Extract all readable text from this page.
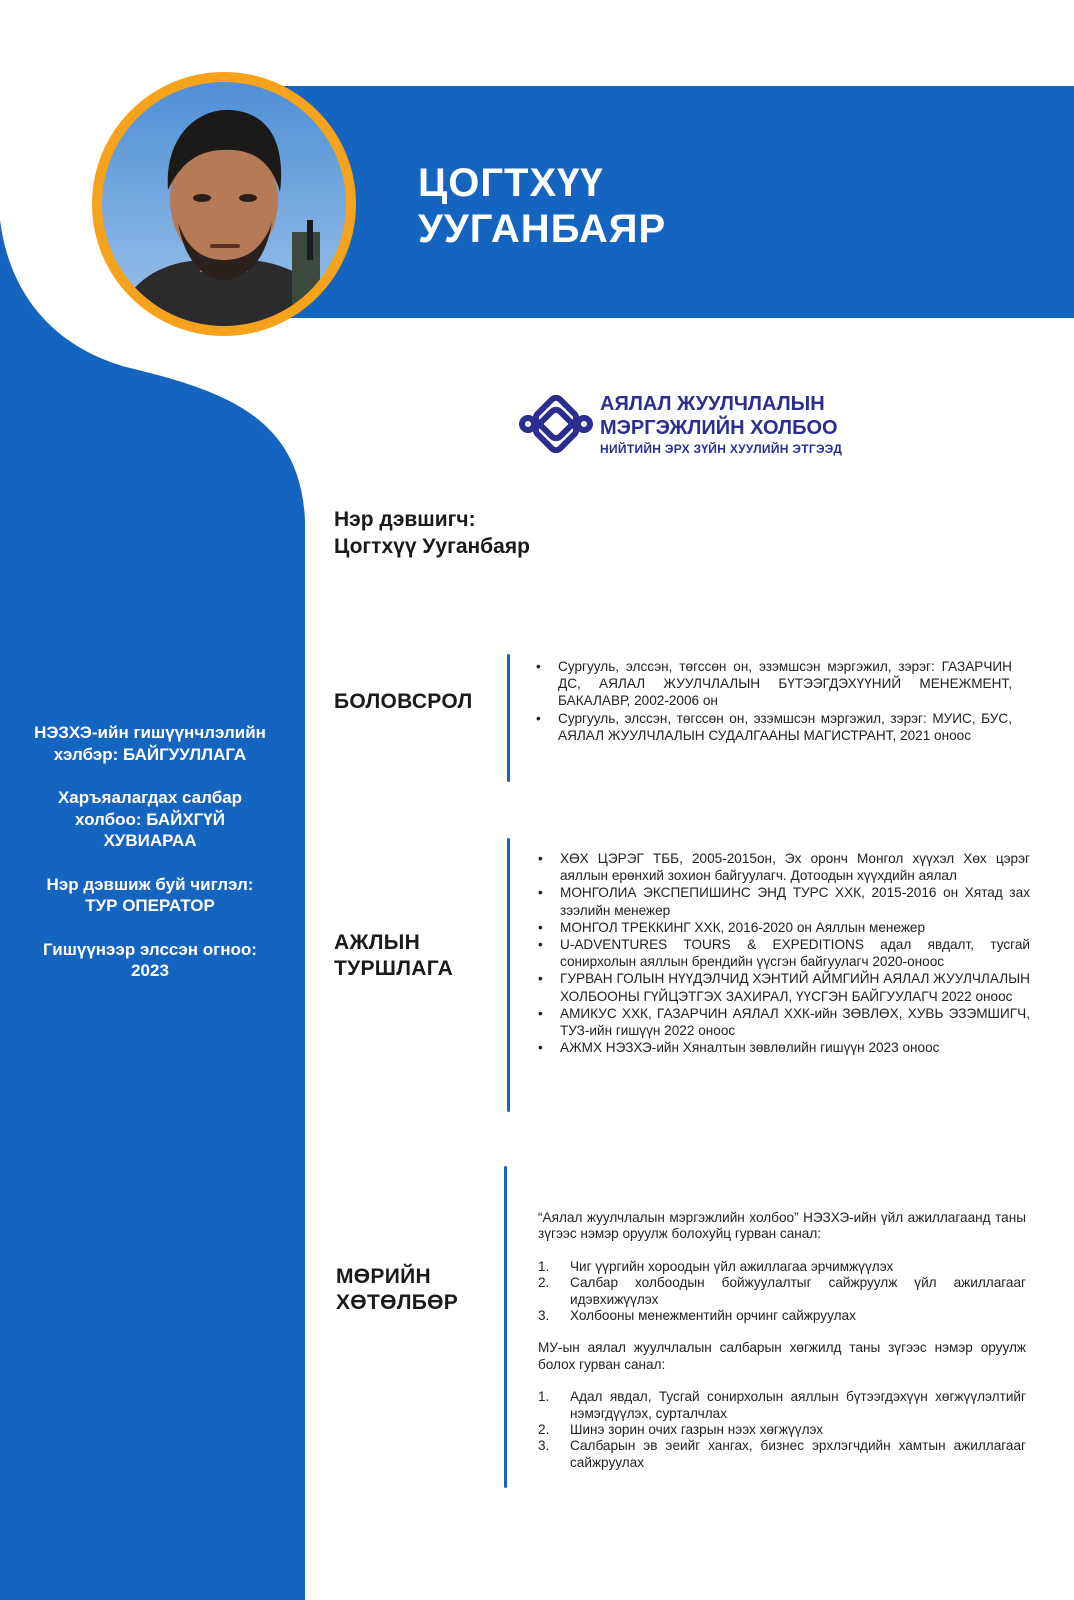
ЦОГТХҮҮ
УУГАНБАЯР
АЯЛАЛ ЖУУЛЧЛАЛЫН
МЭРГЭЖЛИЙН ХОЛБОО
НИЙТИЙН ЭРХ ЗҮЙН ХУУЛИЙН ЭТГЭЭД
Нэр дэвшигч:
Цогтхүү Ууганбаяр
НЭЗХЭ-ийн гишүүнчлэлийн хэлбэр: БАЙГУУЛЛАГА
Харъяалагдах салбар холбоо: БАЙХГҮЙ ХУВИАРАА
Нэр дэвшиж буй чиглэл: ТУР ОПЕРАТОР
Гишүүнээр элссэн огноо: 2023
БОЛОВСРОЛ
• Сургууль, элссэн, төгссөн он, эзэмшсэн мэргэжил, зэрэг: ГАЗАРЧИН ДС, АЯЛАЛ ЖУУЛЧЛАЛЫН БҮТЭЭГДЭХҮҮНИЙ МЕНЕЖМЕНТ, БАКАЛАВР, 2002-2006 он
• Сургууль, элссэн, төгссөн он, эзэмшсэн мэргэжил, зэрэг: МУИС, БУС, АЯЛАЛ ЖУУЛЧЛАЛЫН СУДАЛГААНЫ МАГИСТРАНТ, 2021 оноос
АЖЛЫН
ТУРШЛАГА
• ХӨХ ЦЭРЭГ ТББ, 2005-2015он, Эх оронч Монгол хүүхэл Хөх цэрэг аяллын ерөнхий зохион байгуулагч. Дотоодын хүүхдийн аялал
• МОНГОЛИА ЭКСПЕПИШИНС ЭНД ТУРС ХХК, 2015-2016 он Хятад зах зээлийн менежер
• МОНГОЛ ТРЕККИНГ ХХК, 2016-2020 он Аяллын менежер
• U-ADVENTURES TOURS & EXPEDITIONS адал явдалт, тусгай сонирхолын аяллын брендийн үүсгэн байгуулагч 2020-оноос
• ГУРВАН ГОЛЫН НҮҮДЭЛЧИД ХЭНТИЙ АЙМГИЙН АЯЛАЛ ЖУУЛЧЛАЛЫН ХОЛБООНЫ ГҮЙЦЭТГЭХ ЗАХИРАЛ, ҮҮСГЭН БАЙГУУЛАГЧ 2022 оноос
• АМИКУС ХХК, ГАЗАРЧИН АЯЛАЛ ХХК-ийн ЗӨВЛӨХ, ХУВЬ ЭЗЭМШИГЧ, ТУЗ-ийн гишүүн 2022 оноос
• АЖМХ НЭЗХЭ-ийн Хяналтын зөвлөлийн гишүүн 2023 оноос
МӨРИЙН
ХӨТӨЛБӨР

“Аялал жуулчлалын мэргэжлийн холбоо” НЭЗХЭ-ийн үйл ажиллагаанд таны зүгээс нэмэр оруулж болохуйц гурван санал:

1. Чиг үүргийн хороодын үйл ажиллагаа эрчимжүүлэх
2. Салбар холбоодын бойжуулалтыг сайжруулж үйл ажиллагааг идэвхижүүлэх
3. Холбооны менежментийн орчинг сайжруулах

МУ-ын аялал жуулчлалын салбарын хөгжилд таны зүгээс нэмэр оруулж болох гурван санал:

1. Адал явдал, Тусгай сонирхолын аяллын бүтээгдэхүүн хөгжүүлэлтийг нэмэгдүүлэх, сурталчлах
2. Шинэ зорин очих газрын нээх хөгжүүлэх
3. Салбарын эв эеийг хангах, бизнес эрхлэгчдийн хамтын ажиллагааг сайжруулах
